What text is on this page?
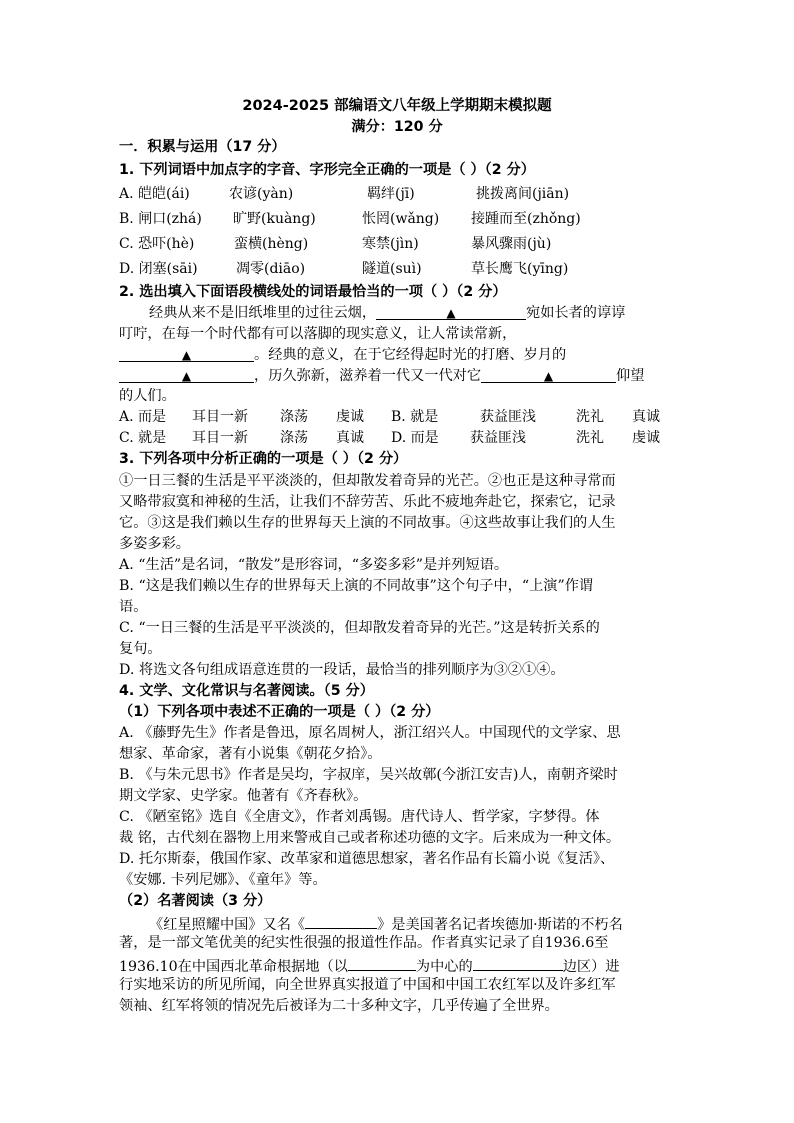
2024-2025 部编语文八年级上学期期末模拟题
满分：120 分
一．积累与运用（17 分）
1. 下列词语中加点字的字音、字形完全正确的一项是（ ）（2 分）
A. 皑皑(ái)	农谚(yàn)	羁绊(jī)	挑拨离间(jiān)
B. 闸口(zhá) 旷野(kuàng)	怅罔(wǎng) 接踵而至(zhǒng)
C. 恐吓(hè)	蛮横(hèng)	寒禁(jìn)	暴风骤雨(jù)
D. 闭塞(sāi)	凋零(diāo)	隧道(suì)	草长鹰飞(yīng)
2. 选出填入下面语段横线处的词语最恰当的一项（ ）（2 分）
经典从来不是旧纸堆里的过往云烟，	▲	宛如长者的谆谆
叮咛，在每一个时代都有可以落脚的现实意义，让人常读常新，
▲	。经典的意义，在于它经得起时光的打磨、岁月的
▲	，历久弥新，滋养着一代又一代对它	▲	仰望
的人们。
A. 而是 耳目一新 涤荡 虔诚 B. 就是	获益匪浅	洗礼 真诚
C. 就是 耳目一新 涤荡 真诚 D. 而是 获益匪浅	洗礼 虔诚
3. 下列各项中分析正确的一项是（ ）（2 分）
①一日三餐的生活是平平淡淡的，但却散发着奇异的光芒。②也正是这种寻常而
又略带寂寞和神秘的生活，让我们不辞劳苦、乐此不疲地奔赴它，探索它，记录
它。③这是我们赖以生存的世界每天上演的不同故事。④这些故事让我们的人生
多姿多彩。
A. “生活”是名词，“散发”是形容词，“多姿多彩”是并列短语。
B. “这是我们赖以生存的世界每天上演的不同故事”这个句子中，“上演”作谓
语。
C. “一日三餐的生活是平平淡淡的，但却散发着奇异的光芒。”这是转折关系的
复句。
D. 将选文各句组成语意连贯的一段话，最恰当的排列顺序为③②①④。
4. 文学、文化常识与名著阅读。（5 分）
（1）下列各项中表述不正确的一项是（ ）（2 分）
A. 《藤野先生》作者是鲁迅，原名周树人，浙江绍兴人。中国现代的文学家、思
想家、革命家，著有小说集《朝花夕拾》。
B. 《与朱元思书》作者是吴均，字叔庠，吴兴故鄣(今浙江安吉)人，南朝齐梁时
期文学家、史学家。他著有《齐春秋》。
C. 《陋室铭》选自《全唐文》，作者刘禹锡。唐代诗人、哲学家，字梦得。体
裁 铭，古代刻在器物上用来警戒自己或者称述功德的文字。后来成为一种文体。
D. 托尔斯泰，俄国作家、改革家和道德思想家，著名作品有长篇小说《复活》、
《安娜. 卡列尼娜》、《童年》等。
（2）名著阅读（3 分）
《红星照耀中国》又名《	》是美国著名记者埃德加·斯诺的不朽名
著，是一部文笔优美的纪实性很强的报道性作品。作者真实记录了自1936.6至
1936.10在中国西北革命根据地（以	为中心的	边区）进
行实地采访的所见所闻，向全世界真实报道了中国和中国工农红军以及许多红军
领袖、红军将领的情况先后被译为二十多种文字，几乎传遍了全世界。
